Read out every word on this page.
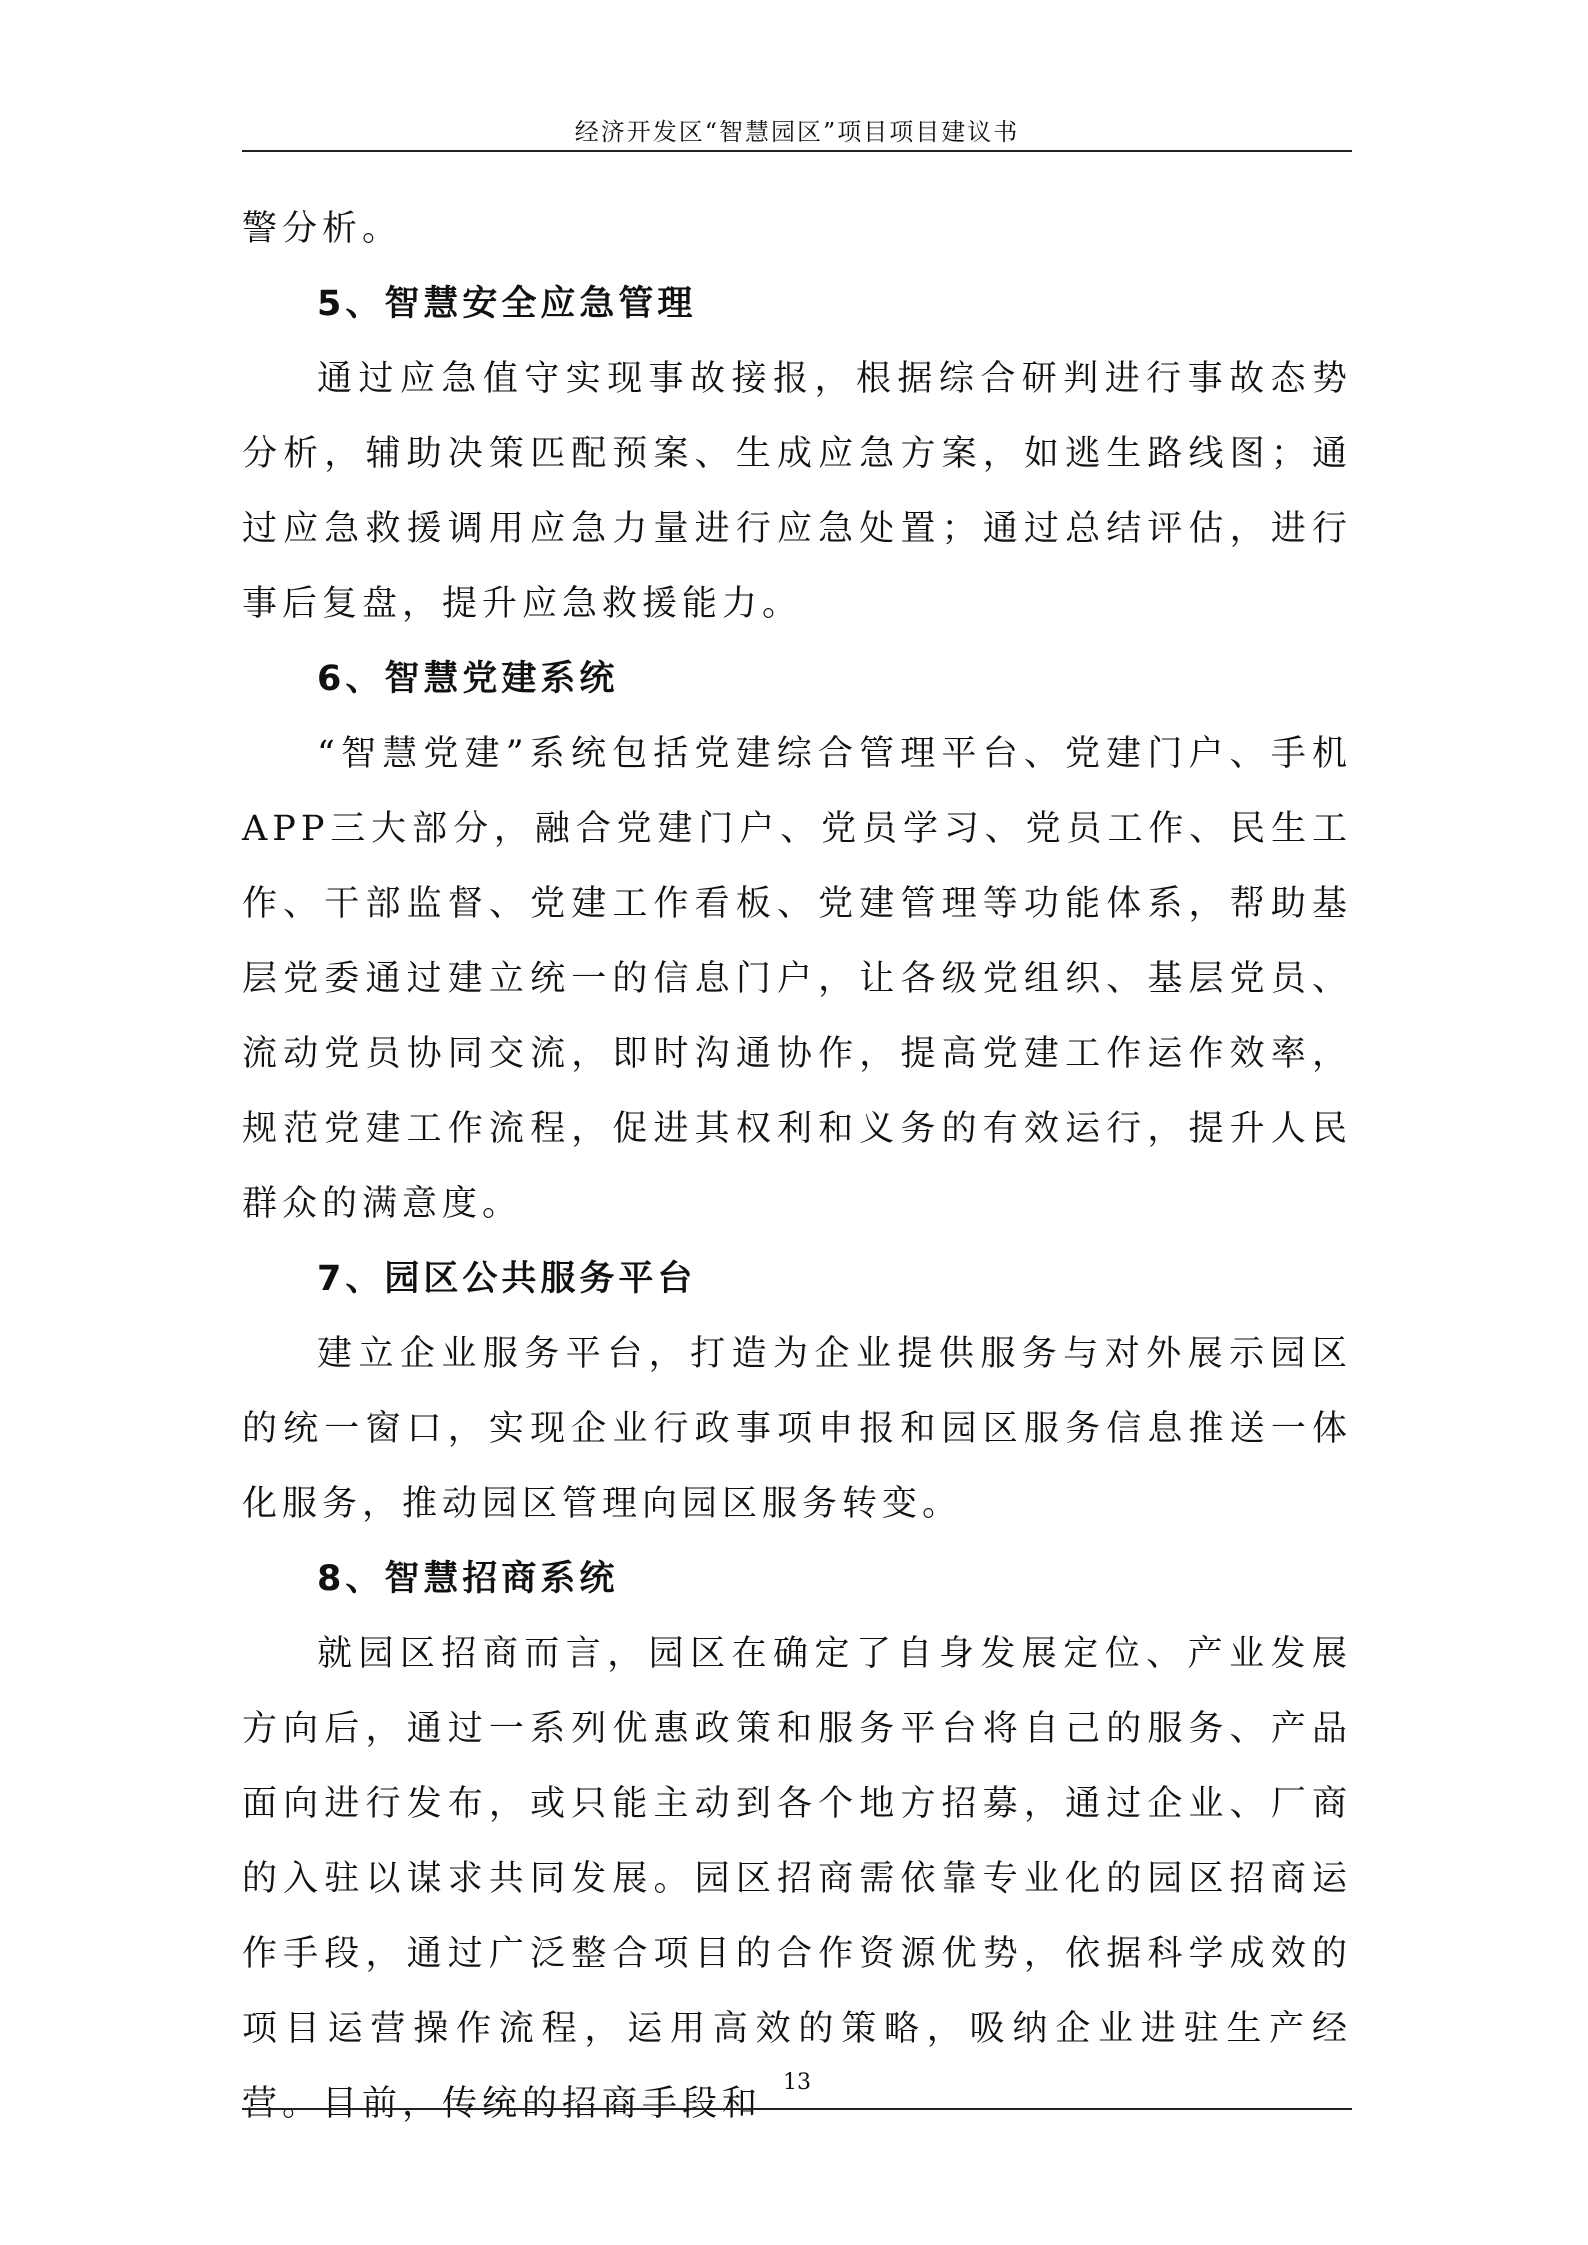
经济开发区“智慧园区”项目项目建议书

警分析。

5、智慧安全应急管理

通过应急值守实现事故接报，根据综合研判进行事故态势分析，辅助决策匹配预案、生成应急方案，如逃生路线图；通过应急救援调用应急力量进行应急处置；通过总结评估，进行事后复盘，提升应急救援能力。

6、智慧党建系统

“智慧党建”系统包括党建综合管理平台、党建门户、手机APP三大部分，融合党建门户、党员学习、党员工作、民生工作、干部监督、党建工作看板、党建管理等功能体系，帮助基层党委通过建立统一的信息门户，让各级党组织、基层党员、流动党员协同交流，即时沟通协作，提高党建工作运作效率，规范党建工作流程，促进其权利和义务的有效运行，提升人民群众的满意度。

7、园区公共服务平台

建立企业服务平台，打造为企业提供服务与对外展示园区的统一窗口，实现企业行政事项申报和园区服务信息推送一体化服务，推动园区管理向园区服务转变。

8、智慧招商系统

就园区招商而言，园区在确定了自身发展定位、产业发展方向后，通过一系列优惠政策和服务平台将自己的服务、产品面向进行发布，或只能主动到各个地方招募，通过企业、厂商的入驻以谋求共同发展。园区招商需依靠专业化的园区招商运作手段，通过广泛整合项目的合作资源优势，依据科学成效的项目运营操作流程，运用高效的策略，吸纳企业进驻生产经营。目前，传统的招商手段和

13
